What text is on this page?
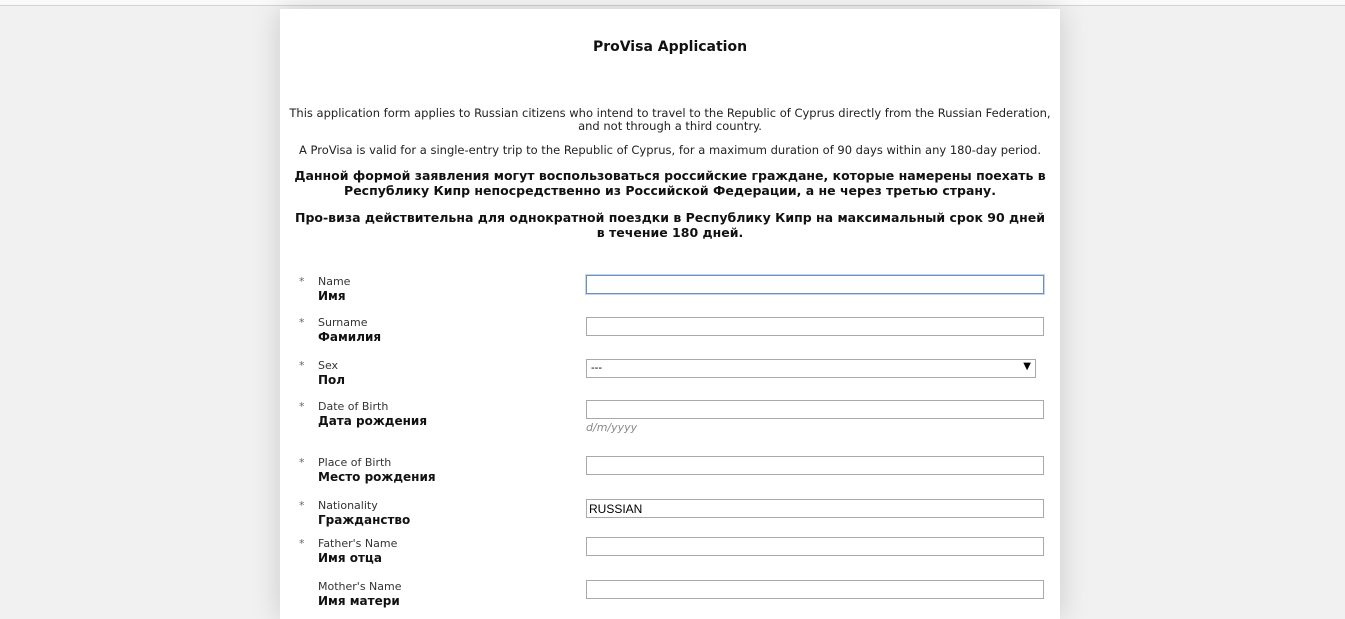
ProVisa Application
This application form applies to Russian citizens who intend to travel to the Republic of Cyprus directly from the Russian Federation, and not through a third country.
A ProVisa is valid for a single-entry trip to the Republic of Cyprus, for a maximum duration of 90 days within any 180-day period.
Данной формой заявления могут воспользоваться российские граждане, которые намерены поехать в Республику Кипр непосредственно из Российской Федерации, а не через третью страну.
Про-виза действительна для однократной поездки в Республику Кипр на максимальный срок 90 дней в течение 180 дней.
* Name
Имя
* Surname
Фамилия
* Sex
Пол
---	▼
* Date of Birth
Дата рождения	d/m/yyyy
* Place of Birth
Место рождения
* Nationality
Гражданство
RUSSIAN
* Father's Name
Имя отца
Mother's Name
Имя матери
